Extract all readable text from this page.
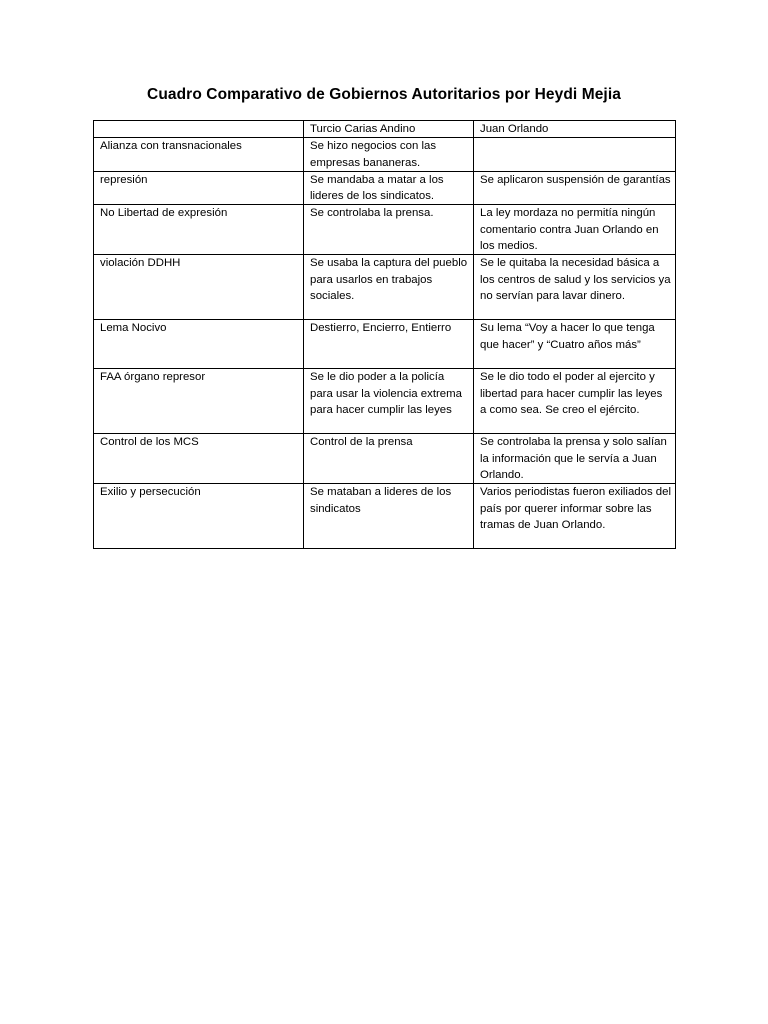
Cuadro Comparativo de Gobiernos Autoritarios por Heydi Mejia
	Turcio Carias Andino	Juan Orlando
Alianza con transnacionales	Se hizo negocios con las empresas bananeras.	
represión	Se mandaba a matar a los lideres de los sindicatos.	Se aplicaron suspensión de garantías
No Libertad de expresión	Se controlaba la prensa.	La ley mordaza no permitía ningún comentario contra Juan Orlando en los medios.
violación DDHH	Se usaba la captura del pueblo para usarlos en trabajos sociales.	Se le quitaba la necesidad básica a los centros de salud y los servicios ya no servían para lavar dinero.
Lema Nocivo	Destierro, Encierro, Entierro	Su lema “Voy a hacer lo que tenga que hacer” y “Cuatro años más”
FAA órgano represor	Se le dio poder a la policía para usar la violencia extrema para hacer cumplir las leyes	Se le dio todo el poder al ejercito y libertad para hacer cumplir las leyes a como sea. Se creo el ejército.
Control de los MCS	Control de la prensa	Se controlaba la prensa y solo salían la información que le servía a Juan Orlando.
Exilio y persecución	Se mataban a lideres de los sindicatos	Varios periodistas fueron exiliados del país por querer informar sobre las tramas de Juan Orlando.
